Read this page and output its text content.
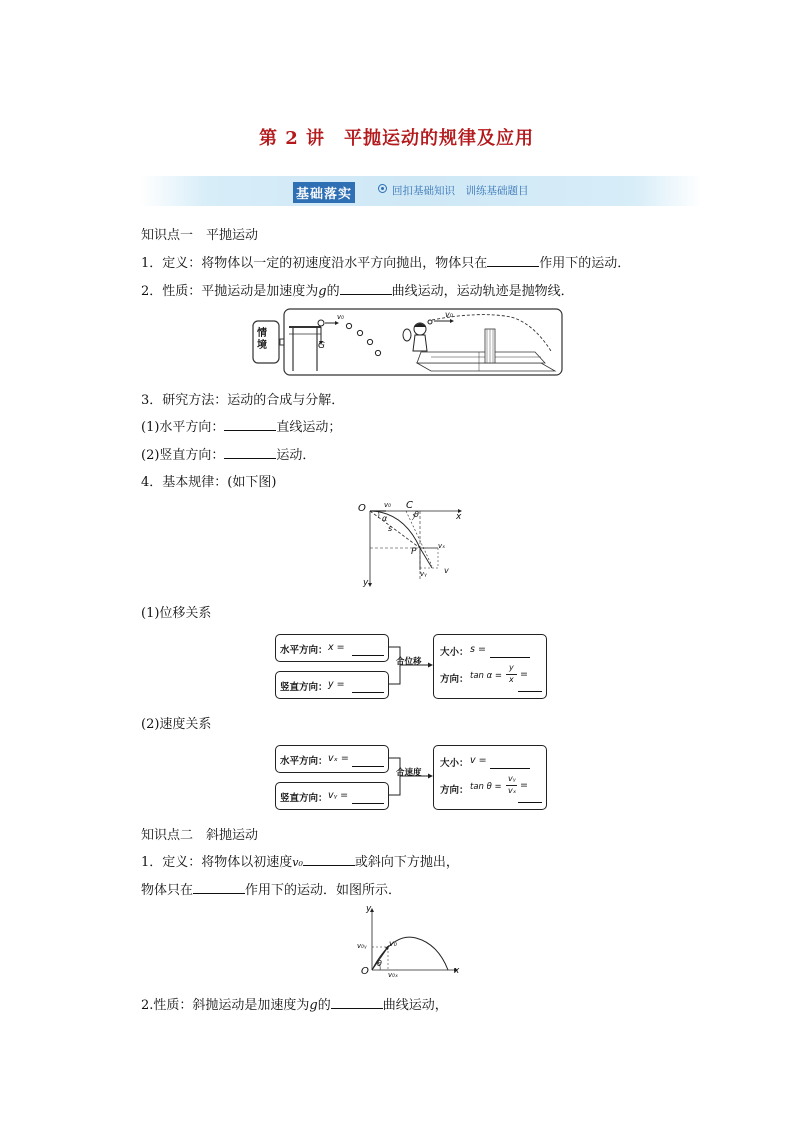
第 2 讲　平抛运动的规律及应用
基础落实	回扣基础知识　训练基础题目
知识点一　平抛运动
1．定义：将物体以一定的初速度沿水平方向抛出，物体只在	作用下的运动．
2．性质：平抛运动是加速度为g的	曲线运动，运动轨迹是抛物线．
情境	G
v₀	v₀
3．研究方法：运动的合成与分解．
(1)水平方向：	直线运动；
(2)竖直方向：	运动．
4．基本规律：(如下图)
O	C
x
y
v₀
θ
α
s
P
vₓ
vᵧ v
(1)位移关系
水平方向： x =
竖直方向： y =
合位移
大小： s =
方向： tan α =
y
x =
(2)速度关系
水平方向： vₓ =
竖直方向： vᵧ =
合速度
大小： v =
方向： tan θ =
vᵧ
vₓ =
知识点二　斜抛运动
1．定义：将物体以初速度v₀	或斜向下方抛出，
物体只在	作用下的运动．如图所示．
y
x
O
v₀
v₀ᵧ
v₀ₓ
θ
2.性质：斜抛运动是加速度为g的	曲线运动，
